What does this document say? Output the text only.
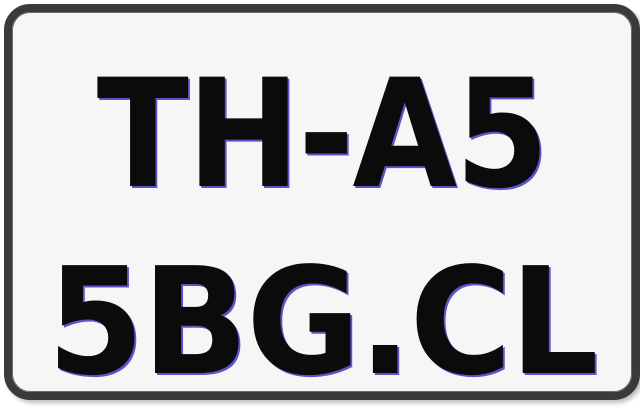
TH-A5
5BG.CL
